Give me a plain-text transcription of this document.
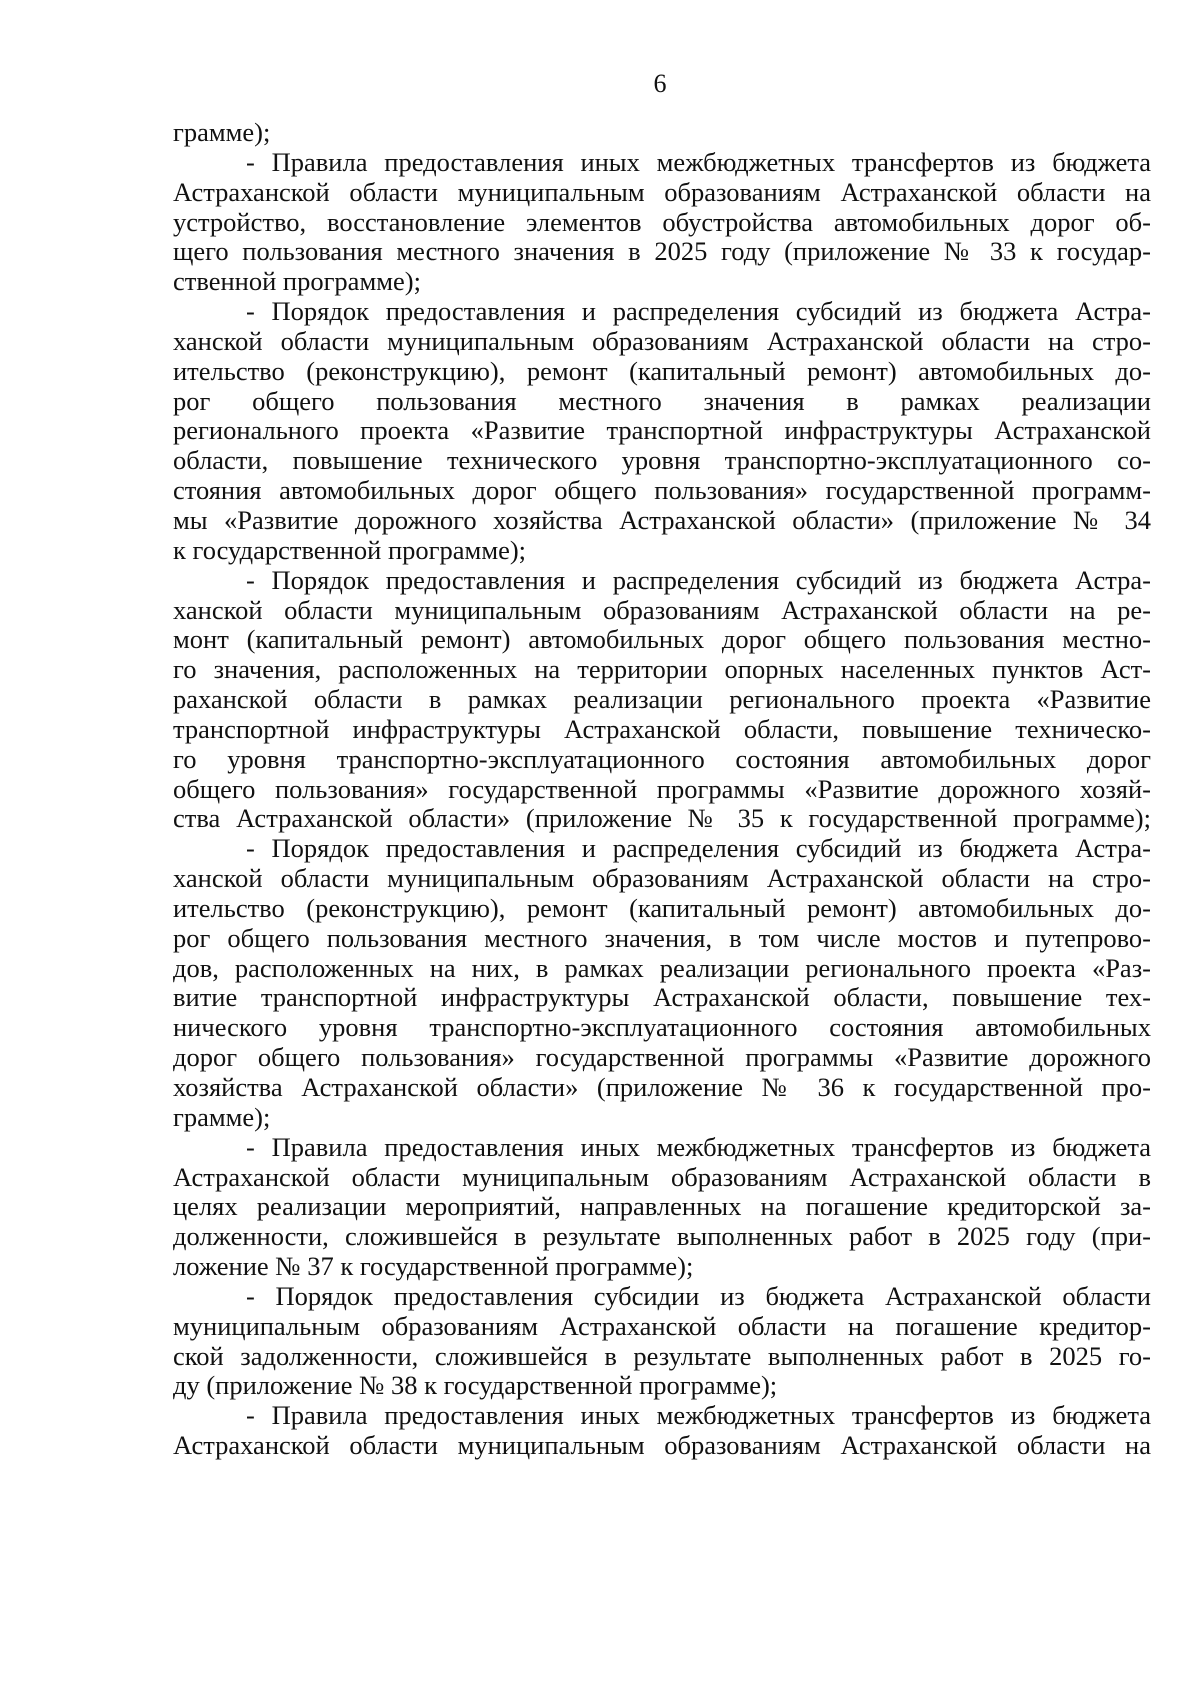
6
грамме);
- Правила предоставления иных межбюджетных трансфертов из бюджета
Астраханской области муниципальным образованиям Астраханской области на
устройство, восстановление элементов обустройства автомобильных дорог об-
щего пользования местного значения в 2025 году (приложение № 33 к государ-
ственной программе);
- Порядок предоставления и распределения субсидий из бюджета Астра-
ханской области муниципальным образованиям Астраханской области на стро-
ительство (реконструкцию), ремонт (капитальный ремонт) автомобильных до-
рог общего пользования местного значения в рамках реализации
регионального проекта «Развитие транспортной инфраструктуры Астраханской
области, повышение технического уровня транспортно-эксплуатационного со-
стояния автомобильных дорог общего пользования» государственной программ-
мы «Развитие дорожного хозяйства Астраханской области» (приложение № 34
к государственной программе);
- Порядок предоставления и распределения субсидий из бюджета Астра-
ханской области муниципальным образованиям Астраханской области на ре-
монт (капитальный ремонт) автомобильных дорог общего пользования местно-
го значения, расположенных на территории опорных населенных пунктов Аст-
раханской области в рамках реализации регионального проекта «Развитие
транспортной инфраструктуры Астраханской области, повышение техническо-
го уровня транспортно-эксплуатационного состояния автомобильных дорог
общего пользования» государственной программы «Развитие дорожного хозяй-
ства Астраханской области» (приложение № 35 к государственной программе);
- Порядок предоставления и распределения субсидий из бюджета Астра-
ханской области муниципальным образованиям Астраханской области на стро-
ительство (реконструкцию), ремонт (капитальный ремонт) автомобильных до-
рог общего пользования местного значения, в том числе мостов и путепрово-
дов, расположенных на них, в рамках реализации регионального проекта «Раз-
витие транспортной инфраструктуры Астраханской области, повышение тех-
нического уровня транспортно-эксплуатационного состояния автомобильных
дорог общего пользования» государственной программы «Развитие дорожного
хозяйства Астраханской области» (приложение № 36 к государственной про-
грамме);
- Правила предоставления иных межбюджетных трансфертов из бюджета
Астраханской области муниципальным образованиям Астраханской области в
целях реализации мероприятий, направленных на погашение кредиторской за-
долженности, сложившейся в результате выполненных работ в 2025 году (при-
ложение № 37 к государственной программе);
- Порядок предоставления субсидии из бюджета Астраханской области
муниципальным образованиям Астраханской области на погашение кредитор-
ской задолженности, сложившейся в результате выполненных работ в 2025 го-
ду (приложение № 38 к государственной программе);
- Правила предоставления иных межбюджетных трансфертов из бюджета
Астраханской области муниципальным образованиям Астраханской области на
